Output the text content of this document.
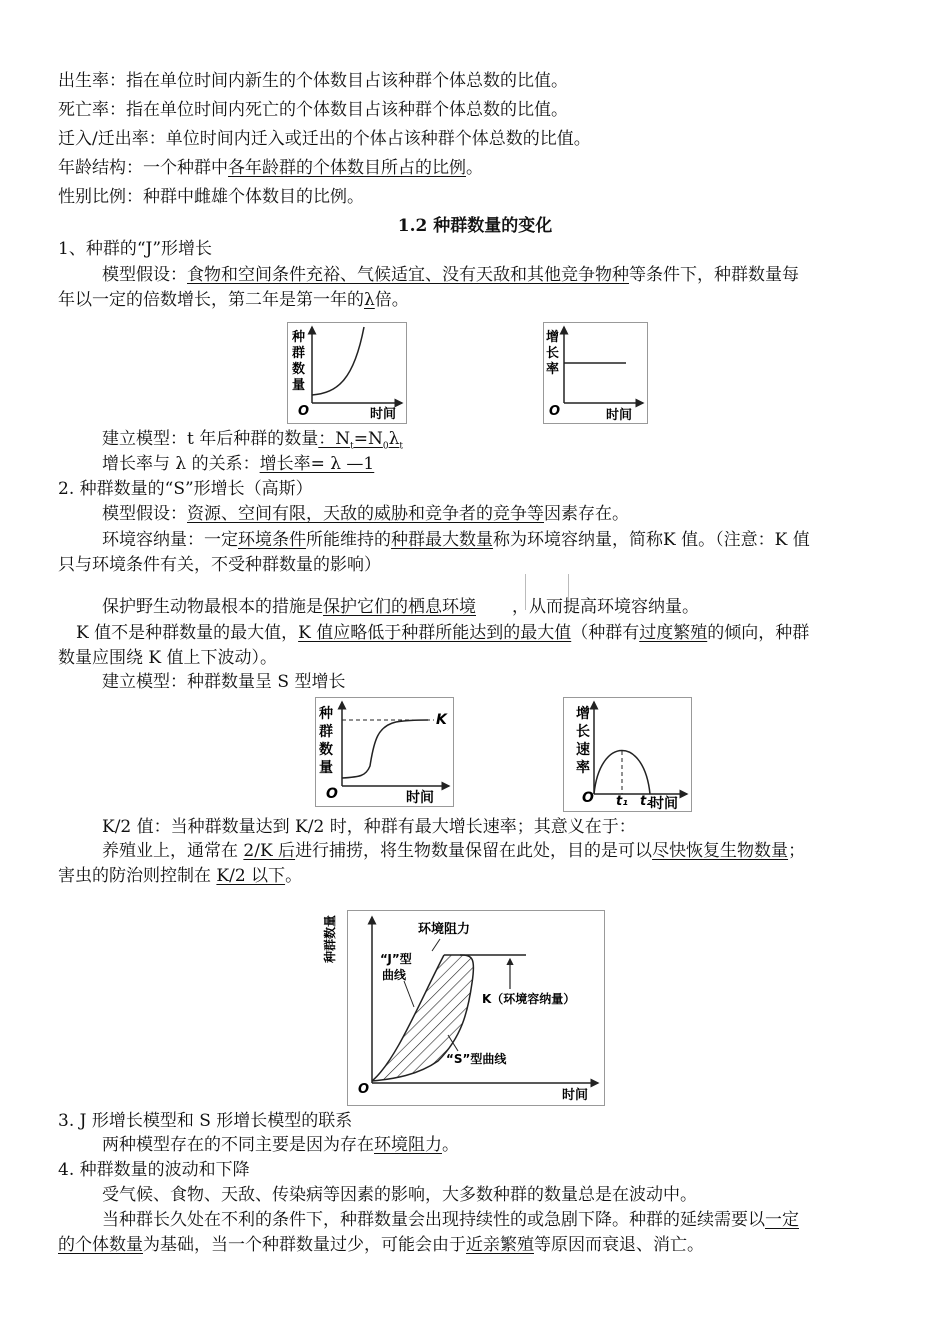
出生率：指在单位时间内新生的个体数目占该种群个体总数的比值。
死亡率：指在单位时间内死亡的个体数目占该种群个体总数的比值。
迁入/迁出率：单位时间内迁入或迁出的个体占该种群个体总数的比值。
年龄结构：一个种群中各年龄群的个体数目所占的比例。
性别比例：种群中雌雄个体数目的比例。
1.2 种群数量的变化
1、种群的“J”形增长
模型假设：食物和空间条件充裕、气候适宜、没有天敌和其他竞争物种等条件下，种群数量每
年以一定的倍数增长，第二年是第一年的λ倍。
种
群
数
量
O	时间
增
长
率
O	时间
建立模型：t 年后种群的数量：$N_t=N_0\lambda_t$
增长率与 λ 的关系：增长率= λ —1
2. 种群数量的“S”形增长（高斯）
模型假设：资源、空间有限，天敌的威胁和竞争者的竞争等因素存在。
环境容纳量：一定环境条件所能维持的种群最大数量称为环境容纳量，简称K 值。（注意：K 值
只与环境条件有关，不受种群数量的影响）
保护野生动物最根本的措施是保护它们的栖息环境 ，从而提高环境容纳量。
K 值不是种群数量的最大值，K 值应略低于种群所能达到的最大值（种群有过度繁殖的倾向，种群
数量应围绕 K 值上下波动）。
建立模型：种群数量呈 S 型增长
K
种
群
数
量
O	时间
增
长
速
率
O t₁ t₂
时间
K/2 值：当种群数量达到 K/2 时，种群有最大增长速率；其意义在于：
养殖业上，通常在 2/K 后进行捕捞，将生物数量保留在此处，目的是可以尽快恢复生物数量；
害虫的防治则控制在 K/2 以下。
种群数量	环境阻力
“J”型
曲线
K（环境容纳量）
“S”型曲线
O	时间
3. J 形增长模型和 S 形增长模型的联系
两种模型存在的不同主要是因为存在环境阻力。
4. 种群数量的波动和下降
受气候、食物、天敌、传染病等因素的影响，大多数种群的数量总是在波动中。
当种群长久处在不利的条件下，种群数量会出现持续性的或急剧下降。种群的延续需要以一定
的个体数量为基础，当一个种群数量过少，可能会由于近亲繁殖等原因而衰退、消亡。
